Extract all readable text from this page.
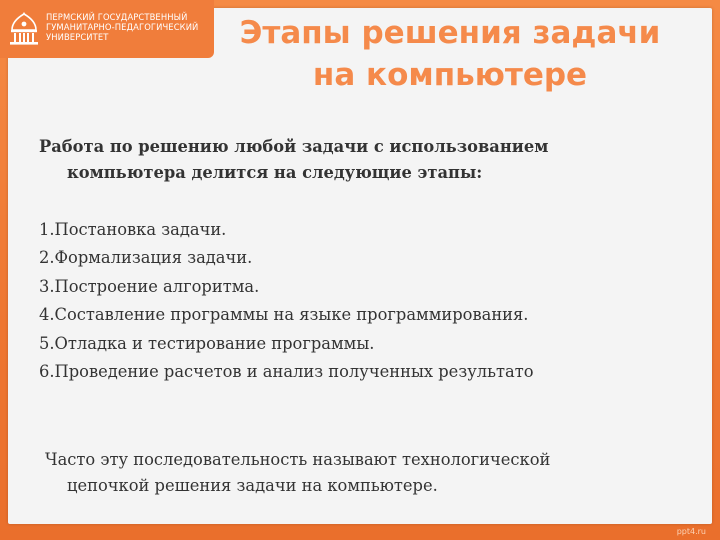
ПЕРМСКИЙ ГОСУДАРСТВЕННЫЙ
ГУМАНИТАРНО-ПЕДАГОГИЧЕСКИЙ
УНИВЕРСИТЕТ	Этапы решения задачи
на компьютере

Работа по решению любой задачи с использованием компьютера делится на следующие этапы:

1.Постановка задачи.
2.Формализация задачи.
3.Построение алгоритма.
4.Составление программы на языке программирования.
5.Отладка и тестирование программы.
6.Проведение расчетов и анализ полученных результато

Часто эту последовательность называют технологической цепочкой решения задачи на компьютере.

ppt4.ru
